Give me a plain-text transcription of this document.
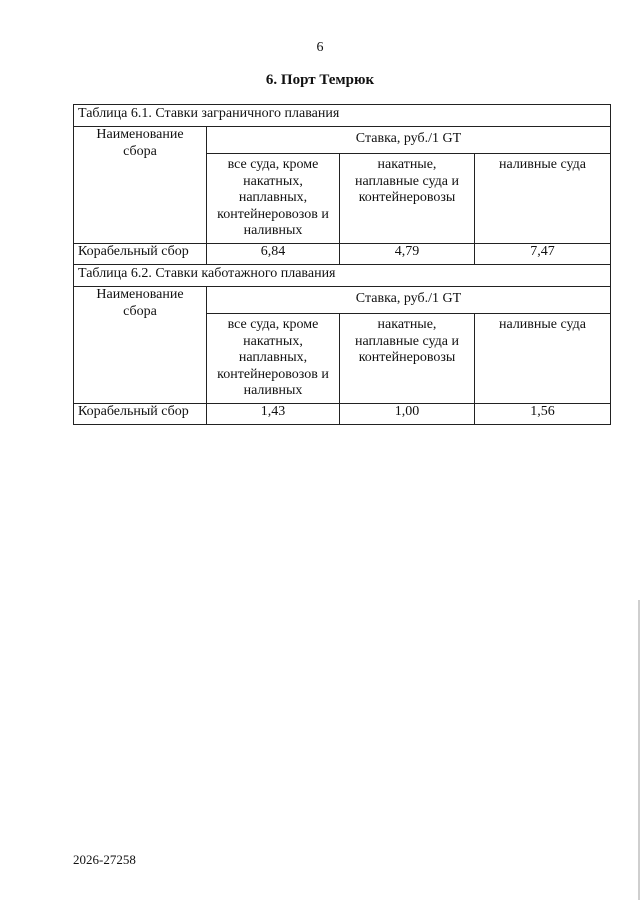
6
6. Порт Темрюк
Таблица 6.1. Ставки заграничного плавания			
Наименование сбора	Ставка, руб./1 GT		
	все суда, кроме накатных, наплавных, контейнеровозов и наливных	накатные, наплавные суда и контейнеровозы	наливные суда
Корабельный сбор	6,84	4,79	7,47
Таблица 6.2. Ставки каботажного плавания			
Наименование сбора	Ставка, руб./1 GT		
	все суда, кроме накатных, наплавных, контейнеровозов и наливных	накатные, наплавные суда и контейнеровозы	наливные суда
Корабельный сбор	1,43	1,00	1,56
2026-27258
